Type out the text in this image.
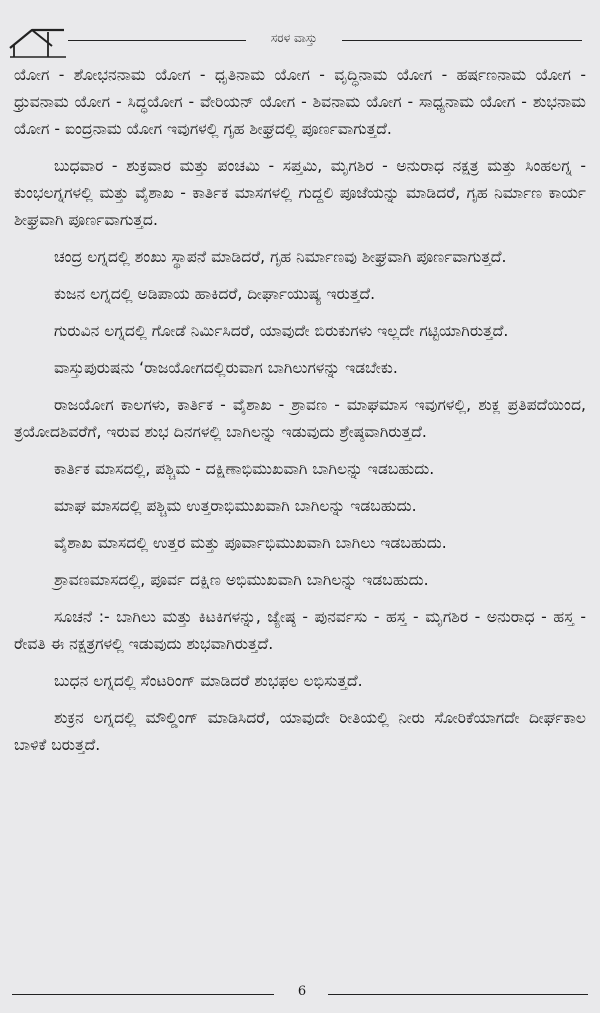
ಸರಳ ವಾಸ್ತು

ಯೋಗ - ಶೋಭನನಾಮ ಯೋಗ - ಧೃತಿನಾಮ ಯೋಗ - ವೃದ್ಧಿನಾಮ ಯೋಗ - ಹರ್ಷಣನಾಮ ಯೋಗ - ಧ್ರುವನಾಮ ಯೋಗ - ಸಿದ್ಧಯೋಗ - ವೇರಿಯನ್ ಯೋಗ - ಶಿವನಾಮ ಯೋಗ - ಸಾಧ್ಯನಾಮ ಯೋಗ - ಶುಭನಾಮ ಯೋಗ - ಐಂದ್ರನಾಮ ಯೋಗ ಇವುಗಳಲ್ಲಿ ಗೃಹ ಶೀಘ್ರದಲ್ಲಿ ಪೂರ್ಣವಾಗುತ್ತದೆ.

ಬುಧವಾರ - ಶುಕ್ರವಾರ ಮತ್ತು ಪಂಚಮಿ - ಸಪ್ತಮಿ, ಮೃಗಶಿರ - ಅನುರಾಧ ನಕ್ಷತ್ರ ಮತ್ತು ಸಿಂಹಲಗ್ನ - ಕುಂಭಲಗ್ನಗಳಲ್ಲಿ ಮತ್ತು ವೈಶಾಖ - ಕಾರ್ತಿಕ ಮಾಸಗಳಲ್ಲಿ ಗುದ್ದಲಿ ಪೂಜೆಯನ್ನು ಮಾಡಿದರೆ, ಗೃಹ ನಿರ್ಮಾಣ ಕಾರ್ಯ ಶೀಘ್ರವಾಗಿ ಪೂರ್ಣವಾಗುತ್ತದ.

ಚಂದ್ರ ಲಗ್ನದಲ್ಲಿ ಶಂಖು ಸ್ಥಾಪನೆ ಮಾಡಿದರೆ, ಗೃಹ ನಿರ್ಮಾಣವು ಶೀಘ್ರವಾಗಿ ಪೂರ್ಣವಾಗುತ್ತದೆ.

ಕುಜನ ಲಗ್ನದಲ್ಲಿ ಅಡಿಪಾಯ ಹಾಕಿದರೆ, ದೀರ್ಘಾಯುಷ್ಯ ಇರುತ್ತದೆ.

ಗುರುವಿನ ಲಗ್ನದಲ್ಲಿ ಗೋಡೆ ನಿರ್ಮಿಸಿದರೆ, ಯಾವುದೇ ಬಿರುಕುಗಳು ಇಲ್ಲದೇ ಗಟ್ಟಿಯಾಗಿರುತ್ತದೆ.

ವಾಸ್ತುಪುರುಷನು ‘ರಾಜಯೋಗದಲ್ಲಿರುವಾಗ ಬಾಗಿಲುಗಳನ್ನು ಇಡಬೇಕು.

ರಾಜಯೋಗ ಕಾಲಗಳು, ಕಾರ್ತಿಕ - ವೈಶಾಖ - ಶ್ರಾವಣ - ಮಾಘಮಾಸ ಇವುಗಳಲ್ಲಿ, ಶುಕ್ಲ ಪ್ರತಿಪದೆಯಿಂದ, ತ್ರಯೋದಶಿವರೆಗೆ, ಇರುವ ಶುಭ ದಿನಗಳಲ್ಲಿ ಬಾಗಿಲನ್ನು ಇಡುವುದು ಶ್ರೇಷ್ಠವಾಗಿರುತ್ತದೆ.

ಕಾರ್ತಿಕ ಮಾಸದಲ್ಲಿ, ಪಶ್ಚಿಮ - ದಕ್ಷಿಣಾಭಿಮುಖವಾಗಿ ಬಾಗಿಲನ್ನು ಇಡಬಹುದು.

ಮಾಘ ಮಾಸದಲ್ಲಿ ಪಶ್ಚಿಮ ಉತ್ತರಾಭಿಮುಖವಾಗಿ ಬಾಗಿಲನ್ನು ಇಡಬಹುದು.

ವೈಶಾಖ ಮಾಸದಲ್ಲಿ ಉತ್ತರ ಮತ್ತು ಪೂರ್ವಾಭಿಮುಖವಾಗಿ ಬಾಗಿಲು ಇಡಬಹುದು.

ಶ್ರಾವಣಮಾಸದಲ್ಲಿ, ಪೂರ್ವ ದಕ್ಷಿಣ ಅಭಿಮುಖವಾಗಿ ಬಾಗಿಲನ್ನು ಇಡಬಹುದು.

ಸೂಚನೆ :- ಬಾಗಿಲು ಮತ್ತು ಕಿಟಕಿಗಳನ್ನು, ಜ್ಯೇಷ್ಠ - ಪುನರ್ವಸು - ಹಸ್ತ - ಮೃಗಶಿರ - ಅನುರಾಧ - ಹಸ್ತ - ರೇವತಿ ಈ ನಕ್ಷತ್ರಗಳಲ್ಲಿ ಇಡುವುದು ಶುಭವಾಗಿರುತ್ತದೆ.

ಬುಧನ ಲಗ್ನದಲ್ಲಿ ಸೆಂಟರಿಂಗ್ ಮಾಡಿದರೆ ಶುಭಫಲ ಲಭಿಸುತ್ತದೆ.

ಶುಕ್ರನ ಲಗ್ನದಲ್ಲಿ ಮೌಲ್ಡಿಂಗ್ ಮಾಡಿಸಿದರೆ, ಯಾವುದೇ ರೀತಿಯಲ್ಲಿ ನೀರು ಸೋರಿಕೆಯಾಗದೇ ದೀರ್ಘಕಾಲ ಬಾಳಿಕೆ ಬರುತ್ತದೆ.

6
